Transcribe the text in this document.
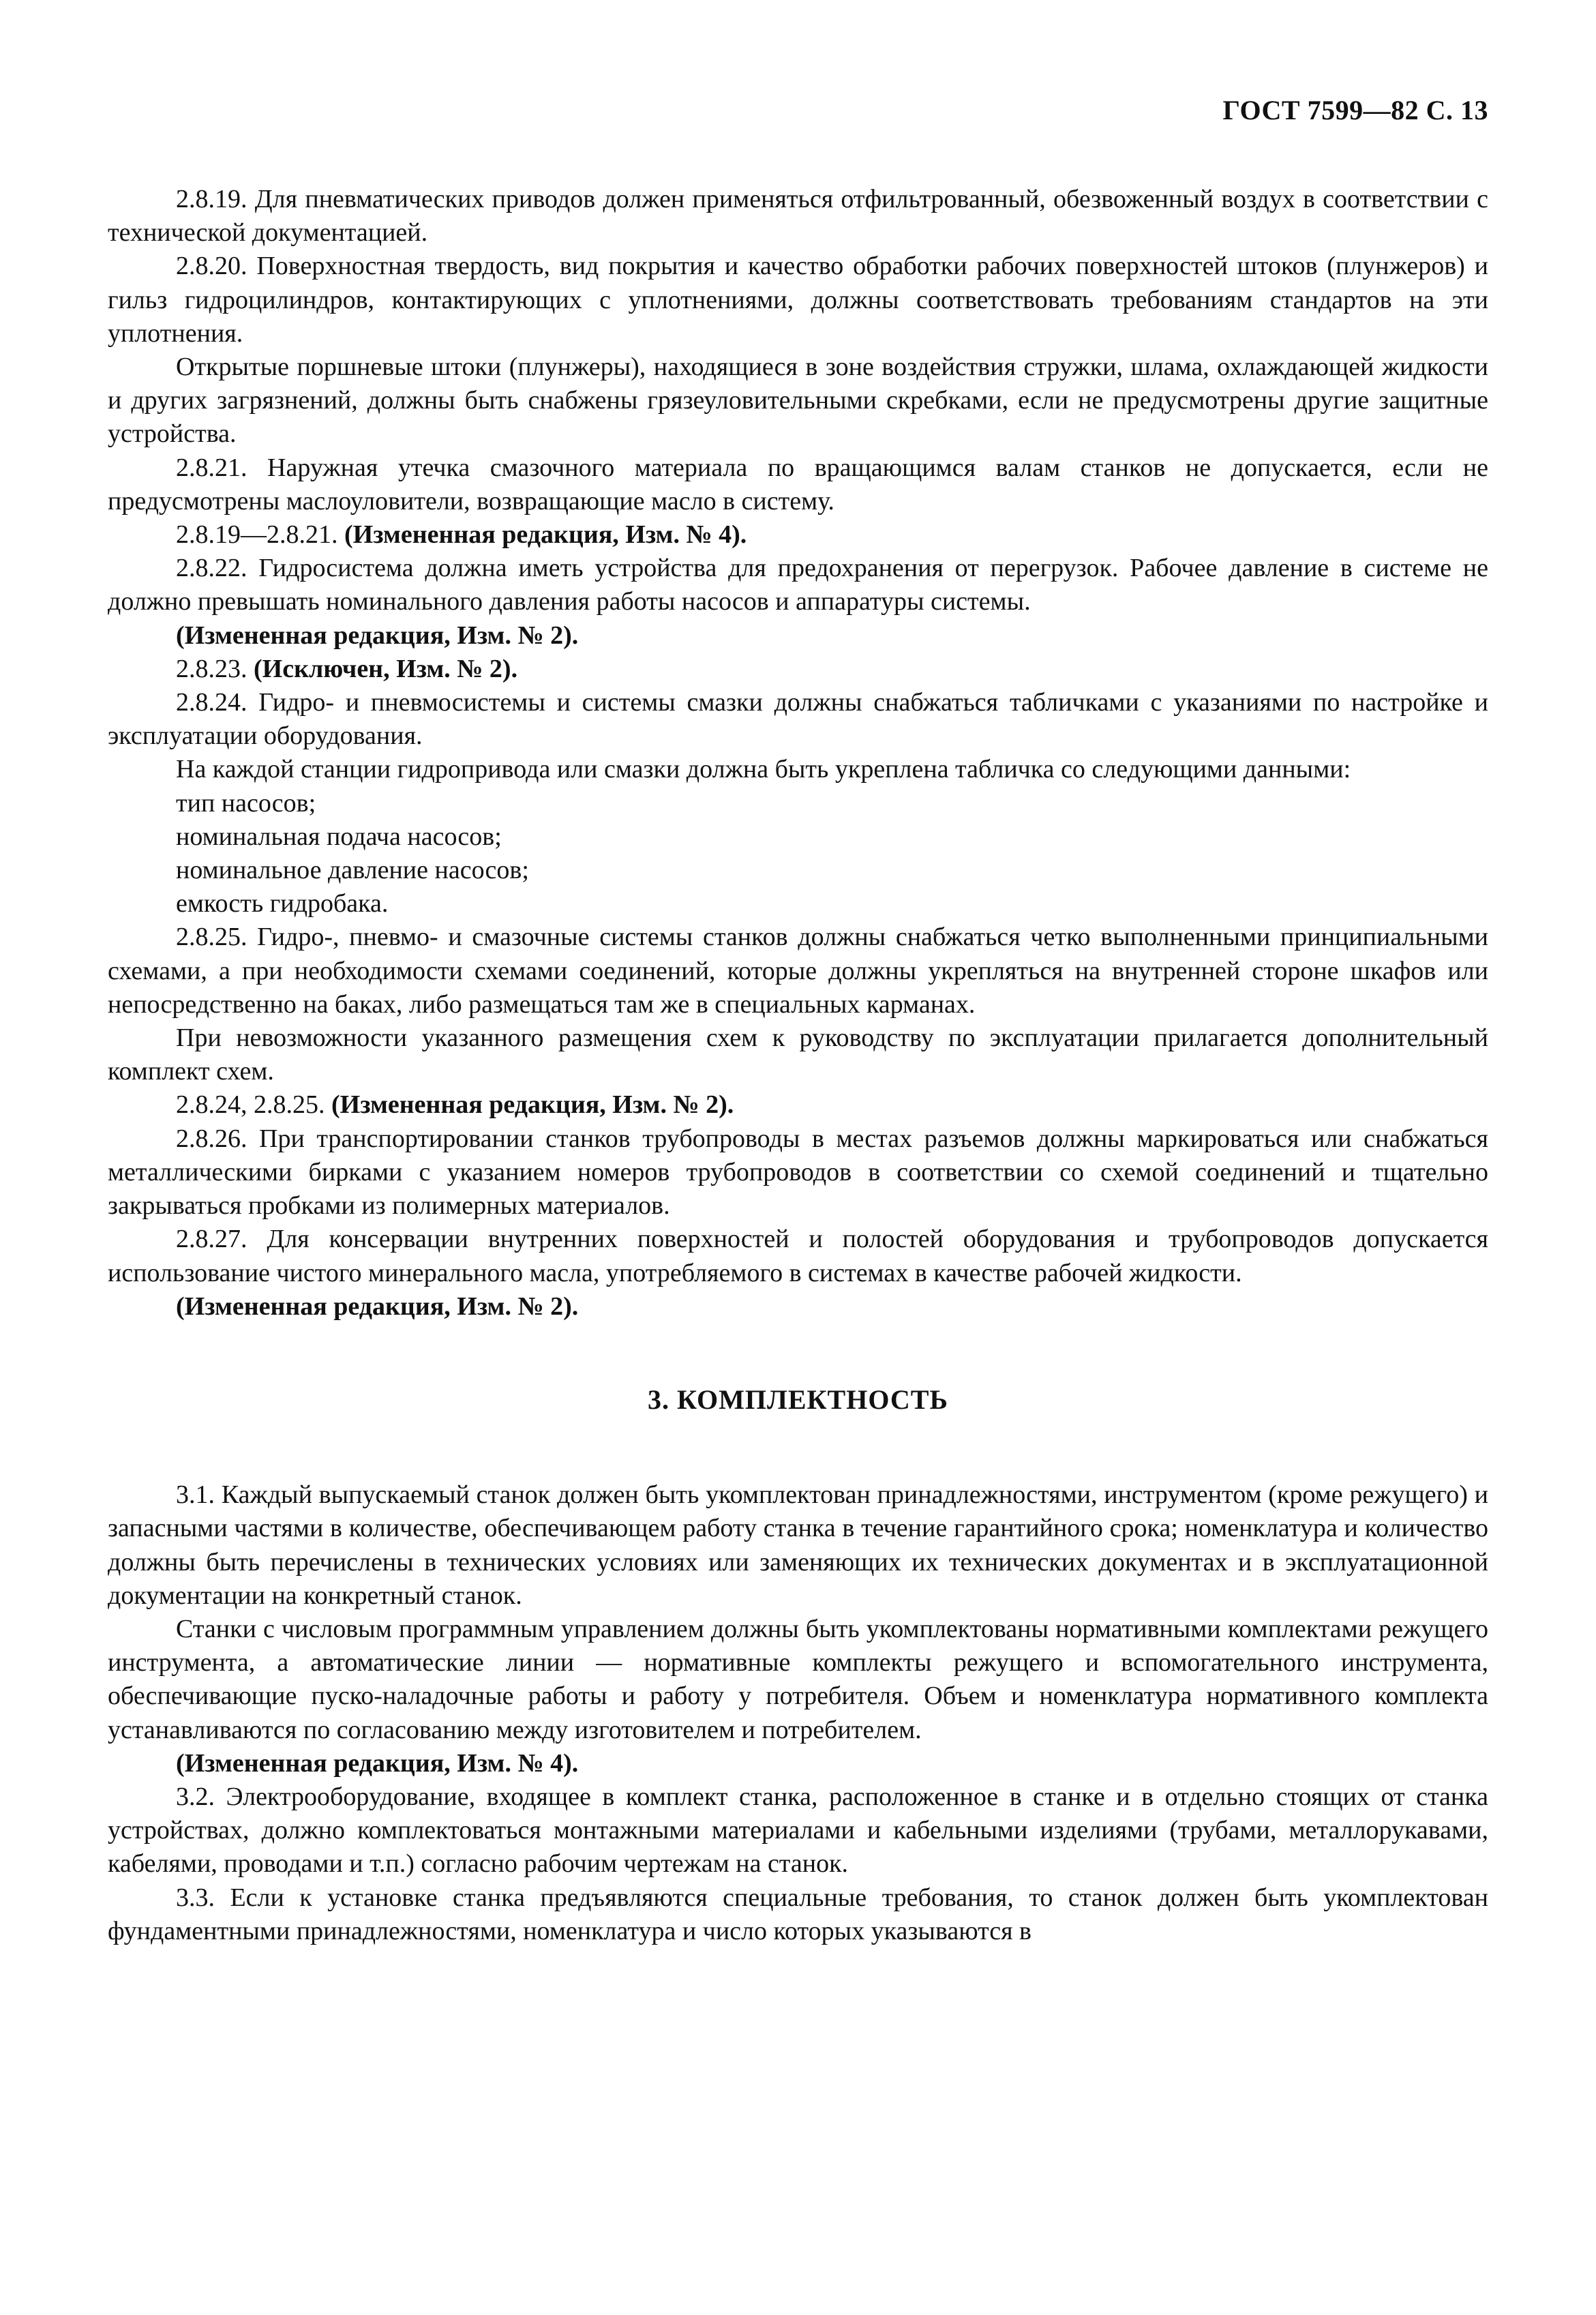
ГОСТ 7599—82 С. 13

2.8.19. Для пневматических приводов должен применяться отфильтрованный, обезвоженный воздух в соответствии с технической документацией.

2.8.20. Поверхностная твердость, вид покрытия и качество обработки рабочих поверхностей штоков (плунжеров) и гильз гидроцилиндров, контактирующих с уплотнениями, должны соответствовать требованиям стандартов на эти уплотнения.

Открытые поршневые штоки (плунжеры), находящиеся в зоне воздействия стружки, шлама, охлаждающей жидкости и других загрязнений, должны быть снабжены грязеуловительными скребками, если не предусмотрены другие защитные устройства.

2.8.21. Наружная утечка смазочного материала по вращающимся валам станков не допускается, если не предусмотрены маслоуловители, возвращающие масло в систему.

2.8.19—2.8.21. (Измененная редакция, Изм. № 4).

2.8.22. Гидросистема должна иметь устройства для предохранения от перегрузок. Рабочее давление в системе не должно превышать номинального давления работы насосов и аппаратуры системы.

(Измененная редакция, Изм. № 2).

2.8.23. (Исключен, Изм. № 2).

2.8.24. Гидро- и пневмосистемы и системы смазки должны снабжаться табличками с указаниями по настройке и эксплуатации оборудования.

На каждой станции гидропривода или смазки должна быть укреплена табличка со следующими данными:

тип насосов;

номинальная подача насосов;

номинальное давление насосов;

емкость гидробака.

2.8.25. Гидро-, пневмо- и смазочные системы станков должны снабжаться четко выполненными принципиальными схемами, а при необходимости схемами соединений, которые должны укрепляться на внутренней стороне шкафов или непосредственно на баках, либо размещаться там же в специальных карманах.

При невозможности указанного размещения схем к руководству по эксплуатации прилагается дополнительный комплект схем.

2.8.24, 2.8.25. (Измененная редакция, Изм. № 2).

2.8.26. При транспортировании станков трубопроводы в местах разъемов должны маркироваться или снабжаться металлическими бирками с указанием номеров трубопроводов в соответствии со схемой соединений и тщательно закрываться пробками из полимерных материалов.

2.8.27. Для консервации внутренних поверхностей и полостей оборудования и трубопроводов допускается использование чистого минерального масла, употребляемого в системах в качестве рабочей жидкости.

(Измененная редакция, Изм. № 2).

3. КОМПЛЕКТНОСТЬ

3.1. Каждый выпускаемый станок должен быть укомплектован принадлежностями, инструментом (кроме режущего) и запасными частями в количестве, обеспечивающем работу станка в течение гарантийного срока; номенклатура и количество должны быть перечислены в технических условиях или заменяющих их технических документах и в эксплуатационной документации на конкретный станок.

Станки с числовым программным управлением должны быть укомплектованы нормативными комплектами режущего инструмента, а автоматические линии — нормативные комплекты режущего и вспомогательного инструмента, обеспечивающие пуско-наладочные работы и работу у потребителя. Объем и номенклатура нормативного комплекта устанавливаются по согласованию между изготовителем и потребителем.

(Измененная редакция, Изм. № 4).

3.2. Электрооборудование, входящее в комплект станка, расположенное в станке и в отдельно стоящих от станка устройствах, должно комплектоваться монтажными материалами и кабельными изделиями (трубами, металлорукавами, кабелями, проводами и т.п.) согласно рабочим чертежам на станок.

3.3. Если к установке станка предъявляются специальные требования, то станок должен быть укомплектован фундаментными принадлежностями, номенклатура и число которых указываются в
